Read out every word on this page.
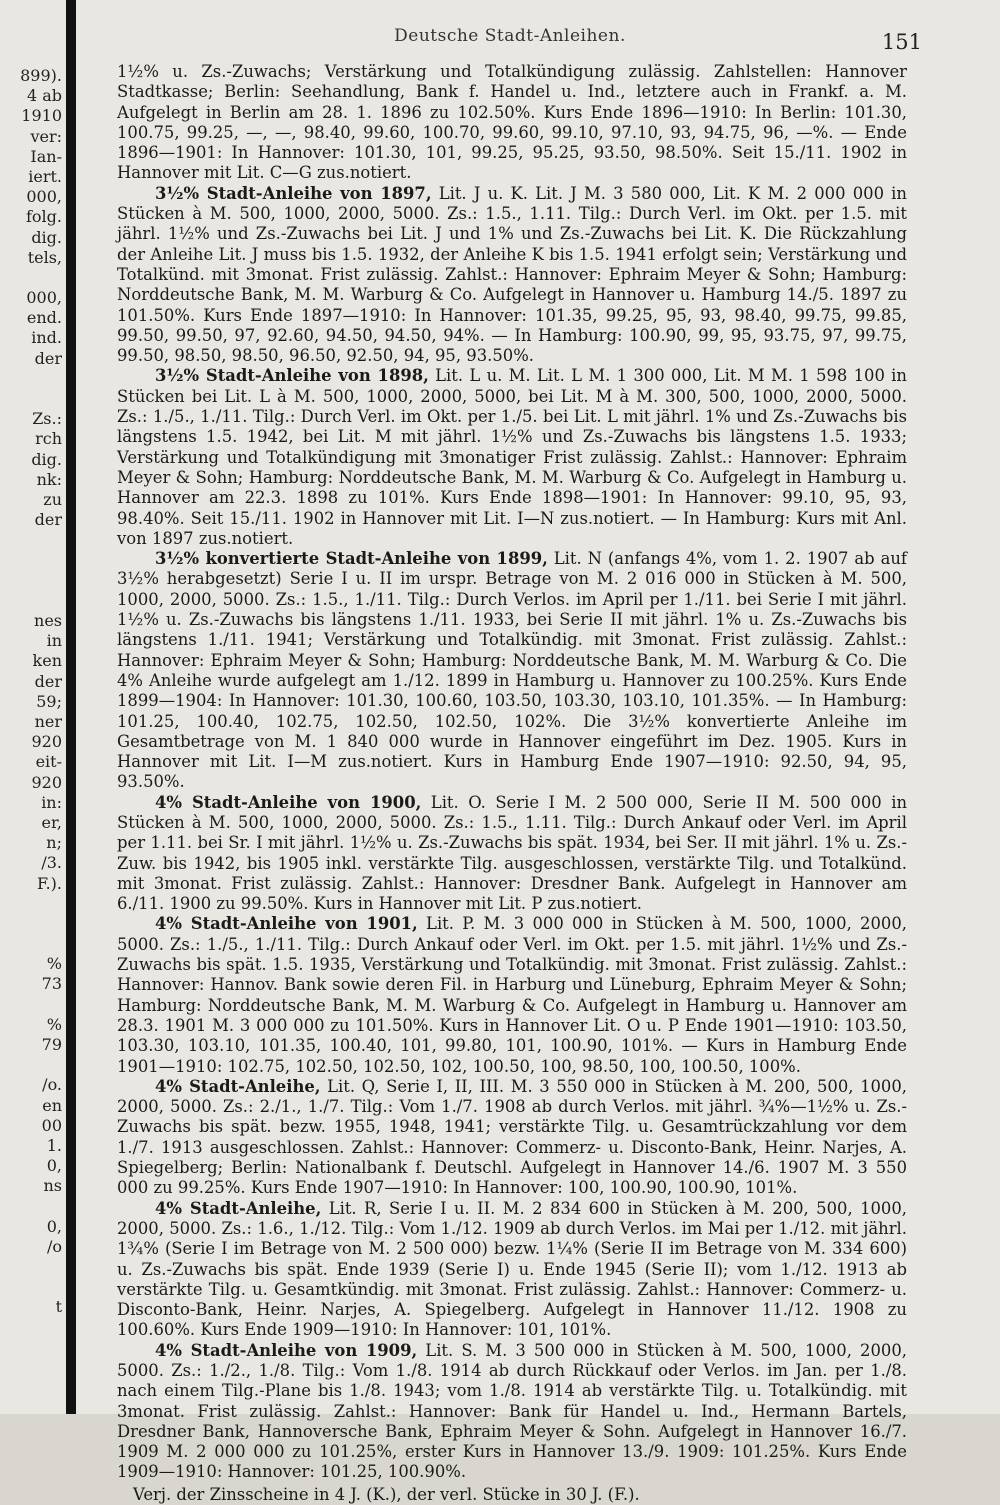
899).
4 ab
1910
ver:
Ian-
iert.
000,
folg.
dig.
tels,
000,
end.
ind.
der
Zs.:
rch
dig.
nk:
zu
der
nes
in
ken
der
59;
ner
920
eit-
920
in:
er,
n;
/3.
F.).
%
73
%
79
/o.
en
00
1.
0,
ns
0,
/o
t
Deutsche Stadt-Anleihen.	151

1½% u. Zs.-Zuwachs; Verstärkung und Totalkündigung zulässig. Zahlstellen: Hannover Stadtkasse; Berlin: Seehandlung, Bank f. Handel u. Ind., letztere auch in Frankf. a. M. Aufgelegt in Berlin am 28. 1. 1896 zu 102.50%. Kurs Ende 1896—1910: In Berlin: 101.30, 100.75, 99.25, —, —, 98.40, 99.60, 100.70, 99.60, 99.10, 97.10, 93, 94.75, 96, —%. — Ende 1896—1901: In Hannover: 101.30, 101, 99.25, 95.25, 93.50, 98.50%. Seit 15./11. 1902 in Hannover mit Lit. C—G zus.notiert.

3½% Stadt-Anleihe von 1897, Lit. J u. K. Lit. J M. 3 580 000, Lit. K M. 2 000 000 in Stücken à M. 500, 1000, 2000, 5000. Zs.: 1.5., 1.11. Tilg.: Durch Verl. im Okt. per 1.5. mit jährl. 1½% und Zs.-Zuwachs bei Lit. J und 1% und Zs.-Zuwachs bei Lit. K. Die Rückzahlung der Anleihe Lit. J muss bis 1.5. 1932, der Anleihe K bis 1.5. 1941 erfolgt sein; Verstärkung und Totalkünd. mit 3monat. Frist zulässig. Zahlst.: Hannover: Ephraim Meyer & Sohn; Hamburg: Norddeutsche Bank, M. M. Warburg & Co. Aufgelegt in Hannover u. Hamburg 14./5. 1897 zu 101.50%. Kurs Ende 1897—1910: In Hannover: 101.35, 99.25, 95, 93, 98.40, 99.75, 99.85, 99.50, 99.50, 97, 92.60, 94.50, 94.50, 94%. — In Hamburg: 100.90, 99, 95, 93.75, 97, 99.75, 99.50, 98.50, 98.50, 96.50, 92.50, 94, 95, 93.50%.

3½% Stadt-Anleihe von 1898, Lit. L u. M. Lit. L M. 1 300 000, Lit. M M. 1 598 100 in Stücken bei Lit. L à M. 500, 1000, 2000, 5000, bei Lit. M à M. 300, 500, 1000, 2000, 5000. Zs.: 1./5., 1./11. Tilg.: Durch Verl. im Okt. per 1./5. bei Lit. L mit jährl. 1% und Zs.-Zuwachs bis längstens 1.5. 1942, bei Lit. M mit jährl. 1½% und Zs.-Zuwachs bis längstens 1.5. 1933; Verstärkung und Totalkündigung mit 3monatiger Frist zulässig. Zahlst.: Hannover: Ephraim Meyer & Sohn; Hamburg: Norddeutsche Bank, M. M. Warburg & Co. Aufgelegt in Hamburg u. Hannover am 22.3. 1898 zu 101%. Kurs Ende 1898—1901: In Hannover: 99.10, 95, 93, 98.40%. Seit 15./11. 1902 in Hannover mit Lit. I—N zus.notiert. — In Hamburg: Kurs mit Anl. von 1897 zus.notiert.

3½% konvertierte Stadt-Anleihe von 1899, Lit. N (anfangs 4%, vom 1. 2. 1907 ab auf 3½% herabgesetzt) Serie I u. II im urspr. Betrage von M. 2 016 000 in Stücken à M. 500, 1000, 2000, 5000. Zs.: 1.5., 1./11. Tilg.: Durch Verlos. im April per 1./11. bei Serie I mit jährl. 1½% u. Zs.-Zuwachs bis längstens 1./11. 1933, bei Serie II mit jährl. 1% u. Zs.-Zuwachs bis längstens 1./11. 1941; Verstärkung und Totalkündig. mit 3monat. Frist zulässig. Zahlst.: Hannover: Ephraim Meyer & Sohn; Hamburg: Norddeutsche Bank, M. M. Warburg & Co. Die 4% Anleihe wurde aufgelegt am 1./12. 1899 in Hamburg u. Hannover zu 100.25%. Kurs Ende 1899—1904: In Hannover: 101.30, 100.60, 103.50, 103.30, 103.10, 101.35%. — In Hamburg: 101.25, 100.40, 102.75, 102.50, 102.50, 102%. Die 3½% konvertierte Anleihe im Gesamtbetrage von M. 1 840 000 wurde in Hannover eingeführt im Dez. 1905. Kurs in Hannover mit Lit. I—M zus.notiert. Kurs in Hamburg Ende 1907—1910: 92.50, 94, 95, 93.50%.

4% Stadt-Anleihe von 1900, Lit. O. Serie I M. 2 500 000, Serie II M. 500 000 in Stücken à M. 500, 1000, 2000, 5000. Zs.: 1.5., 1.11. Tilg.: Durch Ankauf oder Verl. im April per 1.11. bei Sr. I mit jährl. 1½% u. Zs.-Zuwachs bis spät. 1934, bei Ser. II mit jährl. 1% u. Zs.-Zuw. bis 1942, bis 1905 inkl. verstärkte Tilg. ausgeschlossen, verstärkte Tilg. und Totalkünd. mit 3monat. Frist zulässig. Zahlst.: Hannover: Dresdner Bank. Aufgelegt in Hannover am 6./11. 1900 zu 99.50%. Kurs in Hannover mit Lit. P zus.notiert.

4% Stadt-Anleihe von 1901, Lit. P. M. 3 000 000 in Stücken à M. 500, 1000, 2000, 5000. Zs.: 1./5., 1./11. Tilg.: Durch Ankauf oder Verl. im Okt. per 1.5. mit jährl. 1½% und Zs.-Zuwachs bis spät. 1.5. 1935, Verstärkung und Totalkündig. mit 3monat. Frist zulässig. Zahlst.: Hannover: Hannov. Bank sowie deren Fil. in Harburg und Lüneburg, Ephraim Meyer & Sohn; Hamburg: Norddeutsche Bank, M. M. Warburg & Co. Aufgelegt in Hamburg u. Hannover am 28.3. 1901 M. 3 000 000 zu 101.50%. Kurs in Hannover Lit. O u. P Ende 1901—1910: 103.50, 103.30, 103.10, 101.35, 100.40, 101, 99.80, 101, 100.90, 101%. — Kurs in Hamburg Ende 1901—1910: 102.75, 102.50, 102.50, 102, 100.50, 100, 98.50, 100, 100.50, 100%.

4% Stadt-Anleihe, Lit. Q, Serie I, II, III. M. 3 550 000 in Stücken à M. 200, 500, 1000, 2000, 5000. Zs.: 2./1., 1./7. Tilg.: Vom 1./7. 1908 ab durch Verlos. mit jährl. ¾%—1½% u. Zs.-Zuwachs bis spät. bezw. 1955, 1948, 1941; verstärkte Tilg. u. Gesamtrückzahlung vor dem 1./7. 1913 ausgeschlossen. Zahlst.: Hannover: Commerz- u. Disconto-Bank, Heinr. Narjes, A. Spiegelberg; Berlin: Nationalbank f. Deutschl. Aufgelegt in Hannover 14./6. 1907 M. 3 550 000 zu 99.25%. Kurs Ende 1907—1910: In Hannover: 100, 100.90, 100.90, 101%.

4% Stadt-Anleihe, Lit. R, Serie I u. II. M. 2 834 600 in Stücken à M. 200, 500, 1000, 2000, 5000. Zs.: 1.6., 1./12. Tilg.: Vom 1./12. 1909 ab durch Verlos. im Mai per 1./12. mit jährl. 1¾% (Serie I im Betrage von M. 2 500 000) bezw. 1¼% (Serie II im Betrage von M. 334 600) u. Zs.-Zuwachs bis spät. Ende 1939 (Serie I) u. Ende 1945 (Serie II); vom 1./12. 1913 ab verstärkte Tilg. u. Gesamtkündig. mit 3monat. Frist zulässig. Zahlst.: Hannover: Commerz- u. Disconto-Bank, Heinr. Narjes, A. Spiegelberg. Aufgelegt in Hannover 11./12. 1908 zu 100.60%. Kurs Ende 1909—1910: In Hannover: 101, 101%.

4% Stadt-Anleihe von 1909, Lit. S. M. 3 500 000 in Stücken à M. 500, 1000, 2000, 5000. Zs.: 1./2., 1./8. Tilg.: Vom 1./8. 1914 ab durch Rückkauf oder Verlos. im Jan. per 1./8. nach einem Tilg.-Plane bis 1./8. 1943; vom 1./8. 1914 ab verstärkte Tilg. u. Totalkündig. mit 3monat. Frist zulässig. Zahlst.: Hannover: Bank für Handel u. Ind., Hermann Bartels, Dresdner Bank, Hannoversche Bank, Ephraim Meyer & Sohn. Aufgelegt in Hannover 16./7. 1909 M. 2 000 000 zu 101.25%, erster Kurs in Hannover 13./9. 1909: 101.25%. Kurs Ende 1909—1910: Hannover: 101.25, 100.90%.

Verj. der Zinsscheine in 4 J. (K.), der verl. Stücke in 30 J. (F.).
